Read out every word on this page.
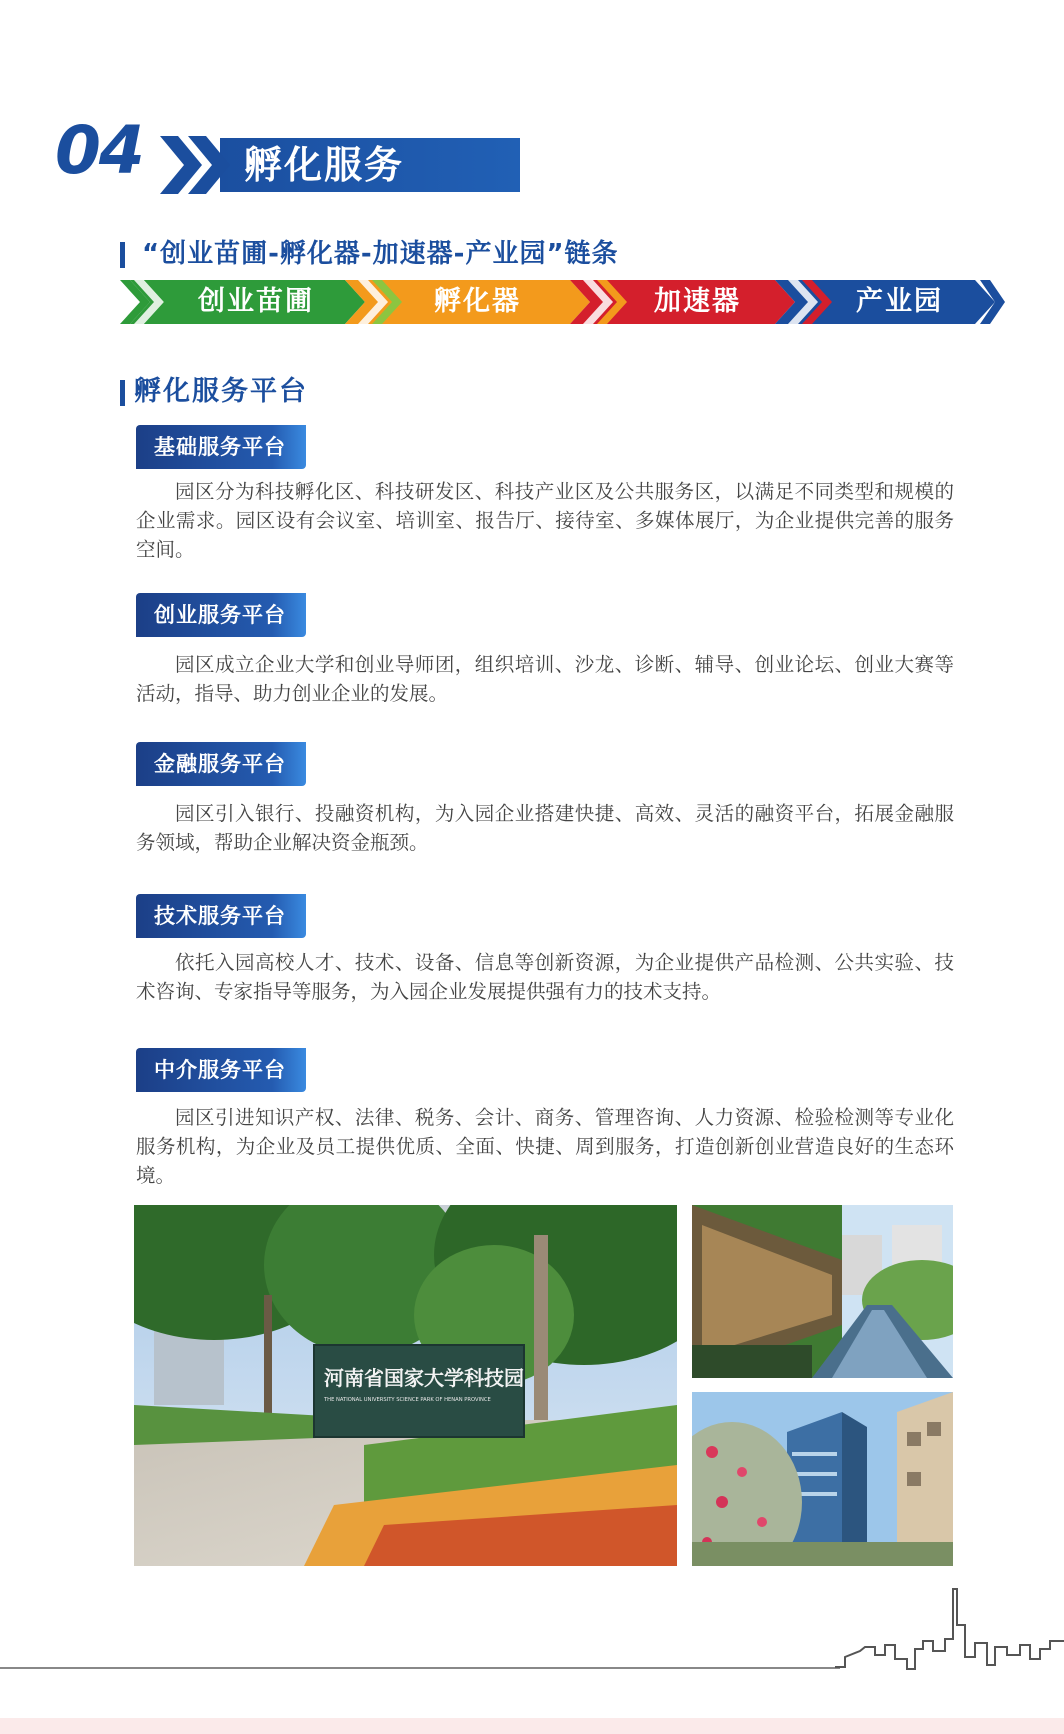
04	孵化服务
“创业苗圃-孵化器-加速器-产业园”链条
创业苗圃	孵化器	加速器	产业园
孵化服务平台
基础服务平台
园区分为科技孵化区、科技研发区、科技产业区及公共服务区，以满足不同类型和规模的企业需求。园区设有会议室、培训室、报告厅、接待室、多媒体展厅，为企业提供完善的服务空间。
创业服务平台
园区成立企业大学和创业导师团，组织培训、沙龙、诊断、辅导、创业论坛、创业大赛等活动，指导、助力创业企业的发展。
金融服务平台
园区引入银行、投融资机构，为入园企业搭建快捷、高效、灵活的融资平台，拓展金融服务领域，帮助企业解决资金瓶颈。
技术服务平台
依托入园高校人才、技术、设备、信息等创新资源，为企业提供产品检测、公共实验、技术咨询、专家指导等服务，为入园企业发展提供强有力的技术支持。
中介服务平台
园区引进知识产权、法律、税务、会计、商务、管理咨询、人力资源、检验检测等专业化服务机构，为企业及员工提供优质、全面、快捷、周到服务，打造创新创业营造良好的生态环境。
河南省国家大学科技园
THE NATIONAL UNIVERSITY SCIENCE PARK OF HENAN PROVINCE
